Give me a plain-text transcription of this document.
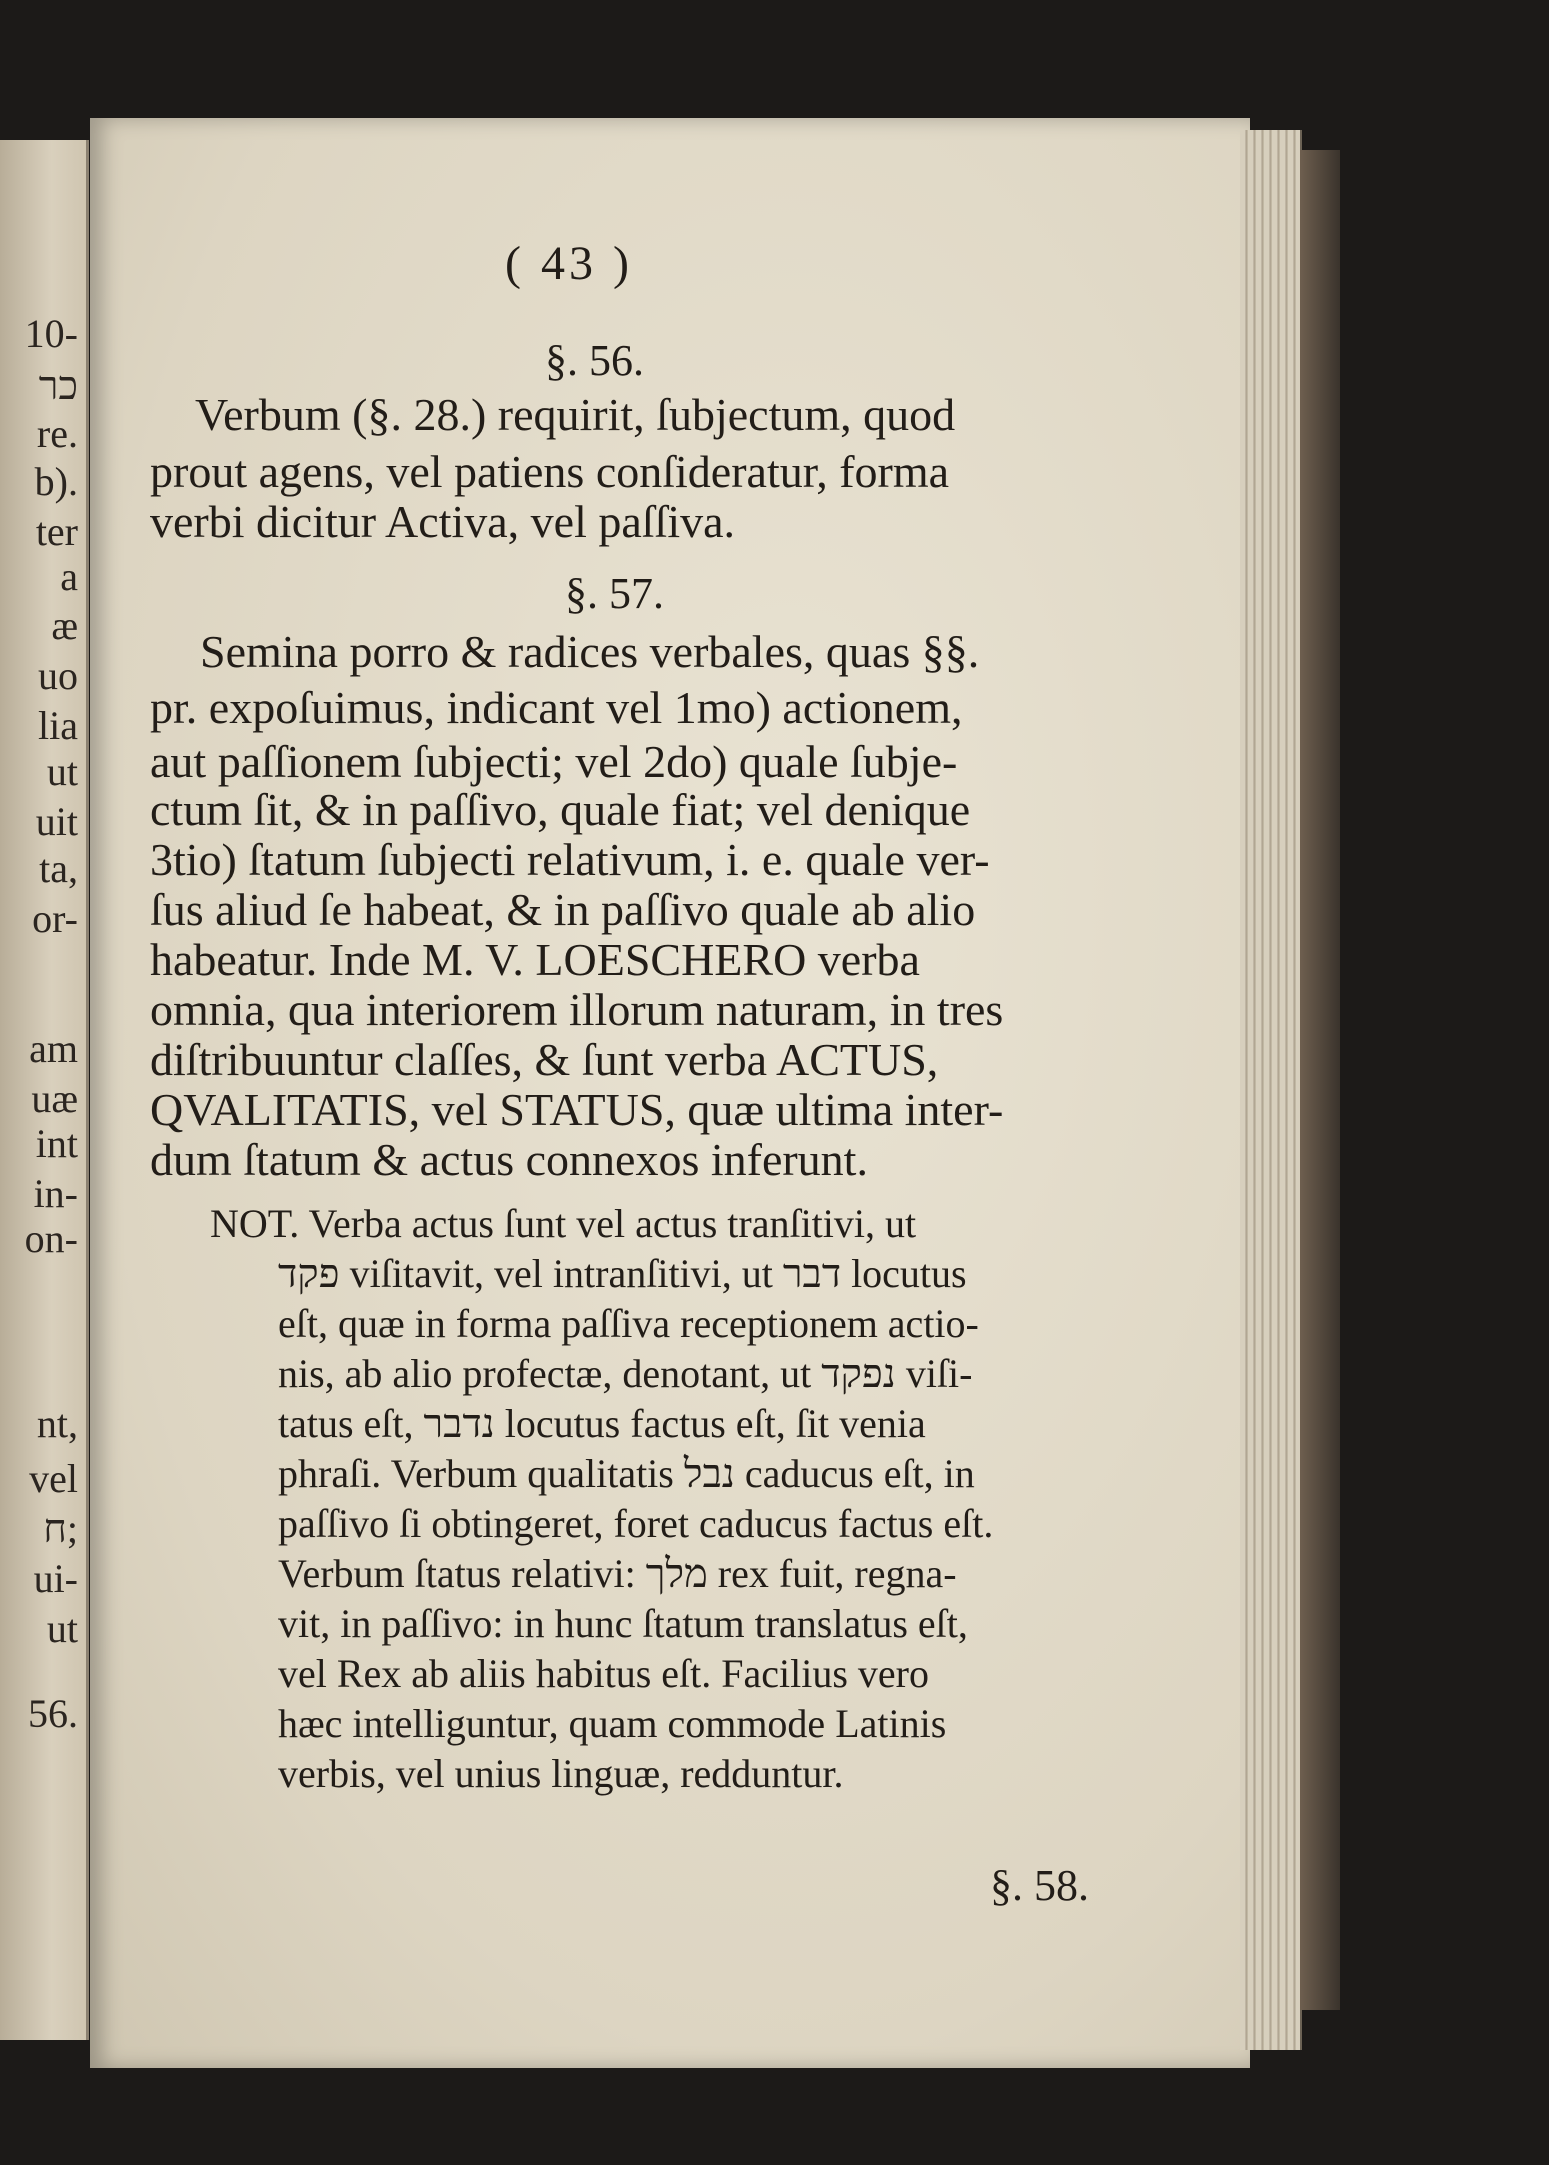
10-
כר
re.
b).
ter
a
æ
uo
lia
ut
uit
ta,
or-
am
uæ
int
in-
on-
nt,
vel
ח;
ui-
ut
56.
( 43 )
§. 56.
Verbum (§. 28.) requirit, ſubjectum, quod
prout agens, vel patiens conſideratur, forma
verbi dicitur Activa, vel paſſiva.
§. 57.
Semina porro & radices verbales, quas §§.
pr. expoſuimus, indicant vel 1mo) actionem,
aut paſſionem ſubjecti; vel 2do) quale ſubje-
ctum ſit, & in paſſivo, quale fiat; vel denique
3tio) ſtatum ſubjecti relativum, i. e. quale ver-
ſus aliud ſe habeat, & in paſſivo quale ab alio
habeatur. Inde M. V. LOESCHERO verba
omnia, qua interiorem illorum naturam, in tres
diſtribuuntur claſſes, & ſunt verba ACTUS,
QVALITATIS, vel STATUS, quæ ultima inter-
dum ſtatum & actus connexos inferunt.
NOT. Verba actus ſunt vel actus tranſitivi, ut
פקד viſitavit, vel intranſitivi, ut דבר locutus
eſt, quæ in forma paſſiva receptionem actio-
nis, ab alio profectæ, denotant, ut נפקד viſi-
tatus eſt, נדבר locutus factus eſt, ſit venia
phraſi. Verbum qualitatis נבל caducus eſt, in
paſſivo ſi obtingeret, foret caducus factus eſt.
Verbum ſtatus relativi: מלך rex fuit, regna-
vit, in paſſivo: in hunc ſtatum translatus eſt,
vel Rex ab aliis habitus eſt. Facilius vero
hæc intelliguntur, quam commode Latinis
verbis, vel unius linguæ, redduntur.
§. 58.
